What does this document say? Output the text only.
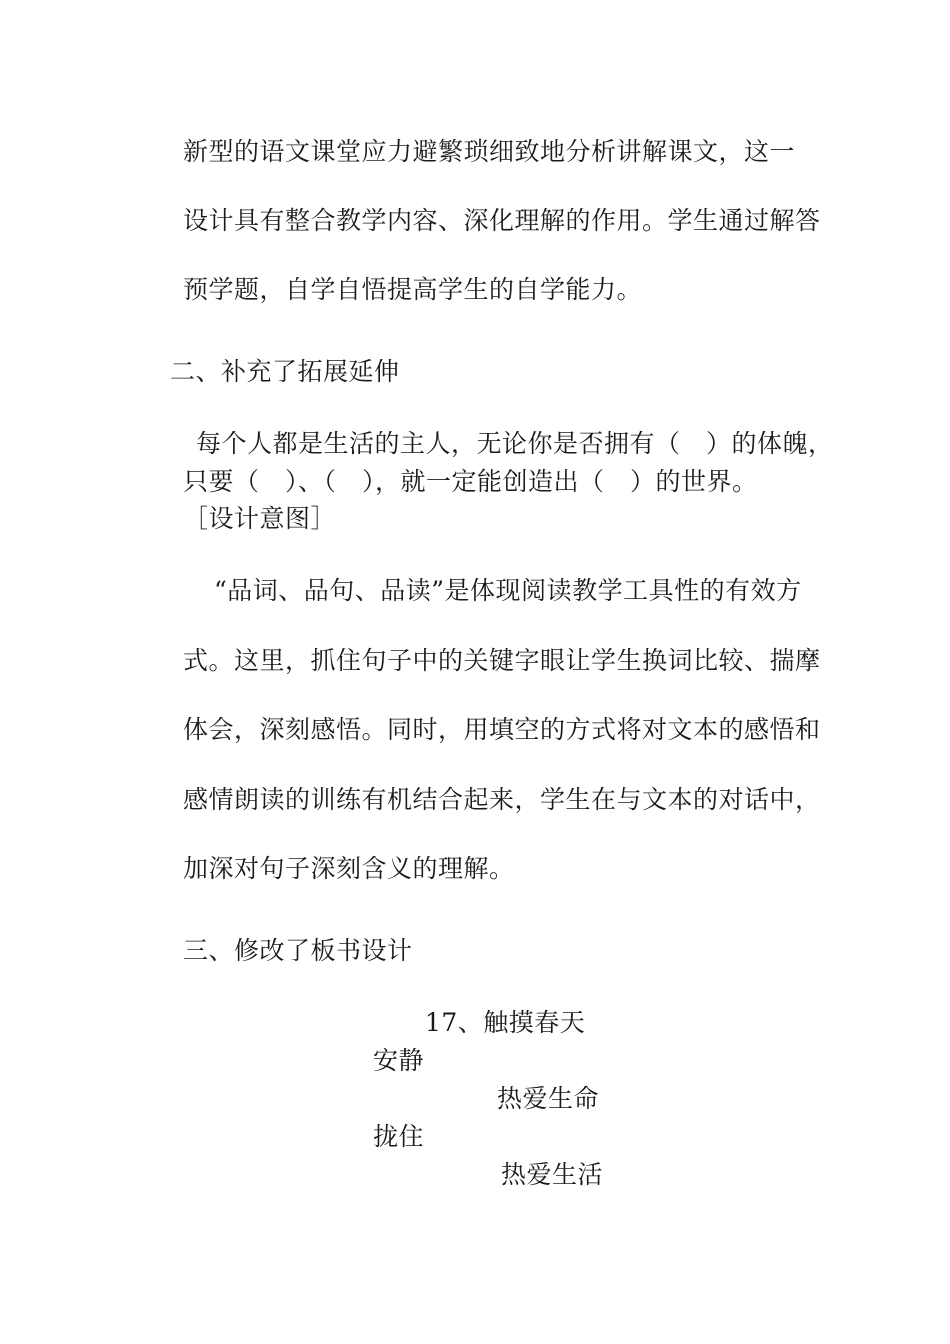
新型的语文课堂应力避繁琐细致地分析讲解课文，这一
设计具有整合教学内容、深化理解的作用。学生通过解答
预学题，自学自悟提高学生的自学能力。
二、补充了拓展延伸
每个人都是生活的主人，无论你是否拥有（　）的体魄，
只要（　）、（　），就一定能创造出（　）的世界。
［设计意图］
“品词、品句、品读”是体现阅读教学工具性的有效方
式。这里，抓住句子中的关键字眼让学生换词比较、揣摩
体会，深刻感悟。同时，用填空的方式将对文本的感悟和
感情朗读的训练有机结合起来，学生在与文本的对话中，
加深对句子深刻含义的理解。
三、修改了板书设计
17、触摸春天
安静
热爱生命
拢住
热爱生活
